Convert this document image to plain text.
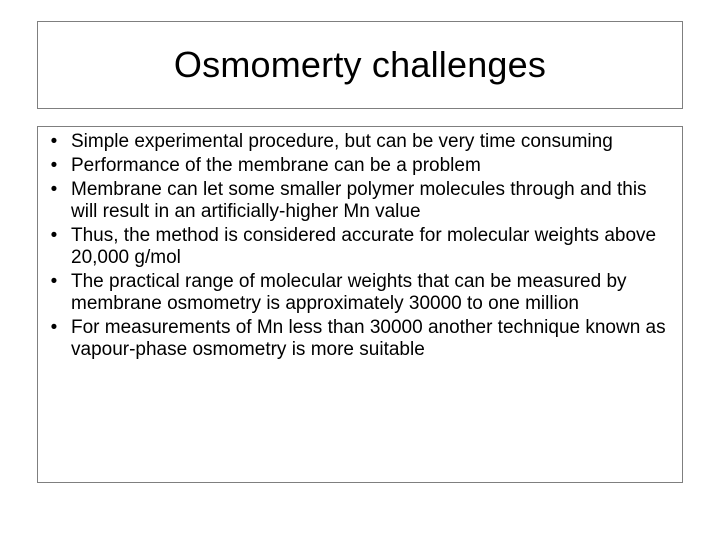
Osmomerty challenges
• Simple experimental procedure, but can be very time consuming
• Performance of the membrane can be a problem
• Membrane can let some smaller polymer molecules through and this will result in an artificially-higher Mn value
• Thus, the method is considered accurate for molecular weights above 20,000 g/mol
• The practical range of molecular weights that can be measured by membrane osmometry is approximately 30000 to one million
• For measurements of Mn less than 30000 another technique known as vapour-phase osmometry is more suitable
